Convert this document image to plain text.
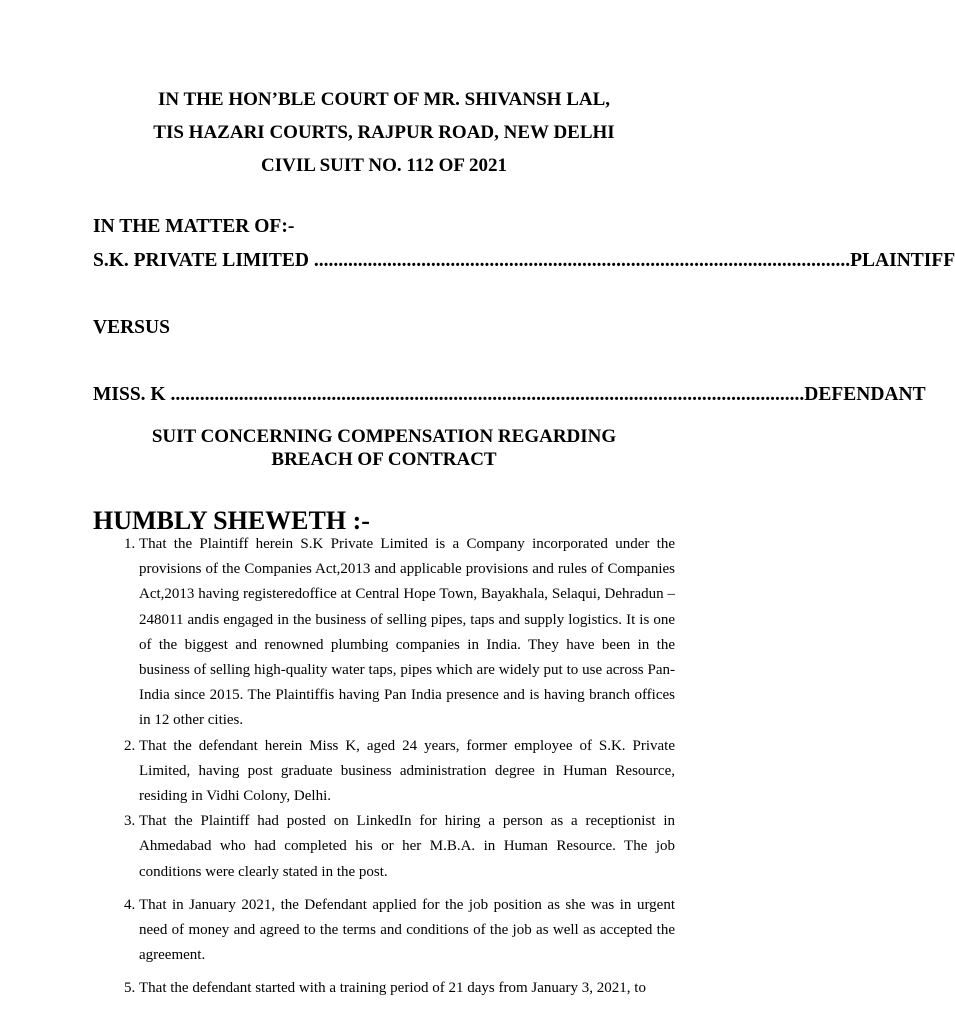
IN THE HON’BLE COURT OF MR. SHIVANSH LAL,
TIS HAZARI COURTS, RAJPUR ROAD, NEW DELHI
CIVIL SUIT NO. 112 OF 2021
IN THE MATTER OF:-
S.K. PRIVATE LIMITED .............................................................................................................. PLAINTIFF
VERSUS
MISS. K .................................................................................................................................. DEFENDANT
SUIT CONCERNING COMPENSATION REGARDING
BREACH OF CONTRACT
HUMBLY SHEWETH :-
1. That the Plaintiff herein S.K Private Limited is a Company incorporated under the provisions of the Companies Act,2013 and applicable provisions and rules of Companies Act,2013 having registeredoffice at Central Hope Town, Bayakhala, Selaqui, Dehradun – 248011 andis engaged in the business of selling pipes, taps and supply logistics. It is one of the biggest and renowned plumbing companies in India. They have been in the business of selling high-quality water taps, pipes which are widely put to use across Pan-India since 2015. The Plaintiffis having Pan India presence and is having branch offices in 12 other cities.
2. That the defendant herein Miss K, aged 24 years, former employee of S.K. Private Limited, having post graduate business administration degree in Human Resource, residing in Vidhi Colony, Delhi.
3. That the Plaintiff had posted on LinkedIn for hiring a person as a receptionist in Ahmedabad who had completed his or her M.B.A. in Human Resource. The job conditions were clearly stated in the post.
4. That in January 2021, the Defendant applied for the job position as she was in urgent need of money and agreed to the terms and conditions of the job as well as accepted the agreement.
5. That the defendant started with a training period of 21 days from January 3, 2021, to
